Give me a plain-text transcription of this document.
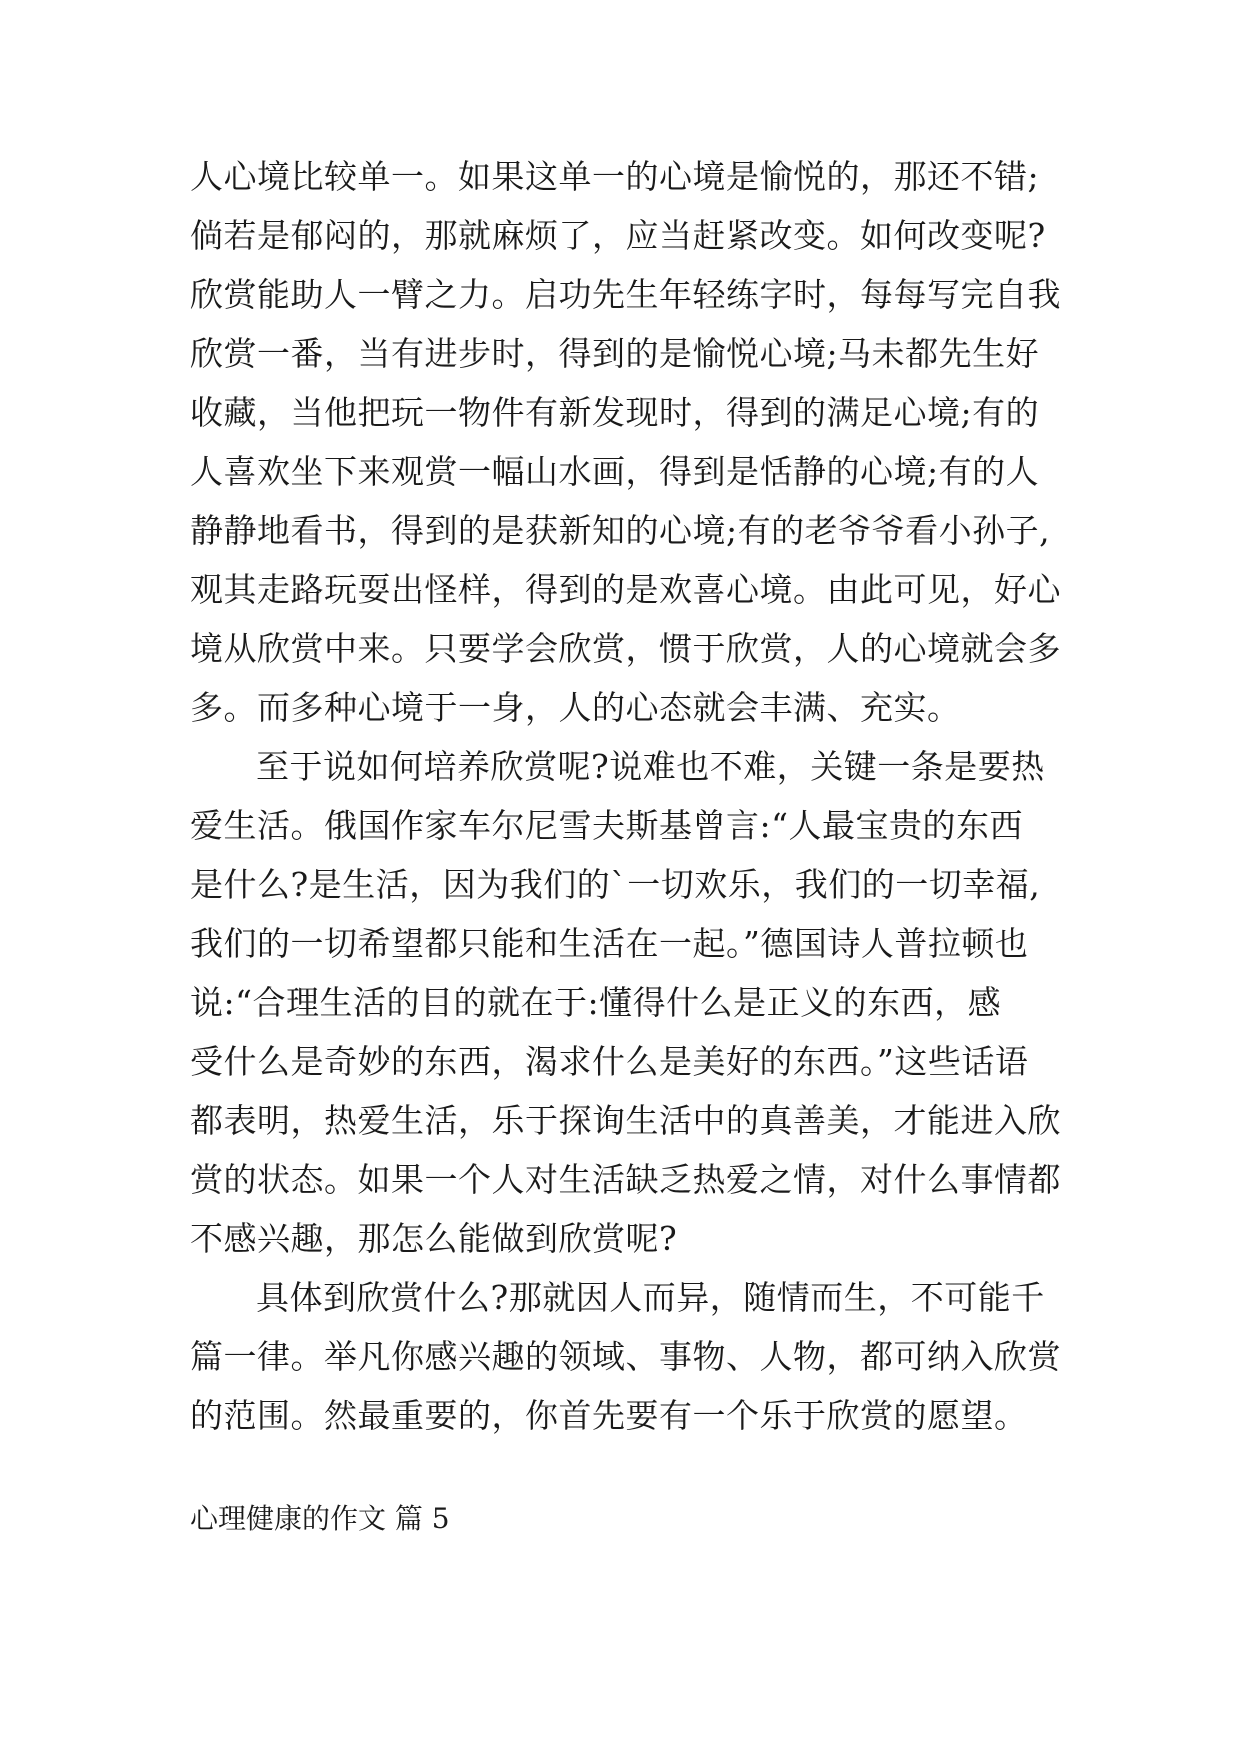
人心境比较单一。如果这单一的心境是愉悦的，那还不错;
倘若是郁闷的，那就麻烦了，应当赶紧改变。如何改变呢?
欣赏能助人一臂之力。启功先生年轻练字时，每每写完自我
欣赏一番，当有进步时，得到的是愉悦心境;马未都先生好
收藏，当他把玩一物件有新发现时，得到的满足心境;有的
人喜欢坐下来观赏一幅山水画，得到是恬静的心境;有的人
静静地看书，得到的是获新知的心境;有的老爷爷看小孙子,
观其走路玩耍出怪样，得到的是欢喜心境。由此可见，好心
境从欣赏中来。只要学会欣赏，惯于欣赏，人的心境就会多
多。而多种心境于一身，人的心态就会丰满、充实。
至于说如何培养欣赏呢?说难也不难，关键一条是要热
爱生活。俄国作家车尔尼雪夫斯基曾言:“人最宝贵的东西
是什么?是生活，因为我们的`一切欢乐，我们的一切幸福,
我们的一切希望都只能和生活在一起。”德国诗人普拉顿也
说:“合理生活的目的就在于:懂得什么是正义的东西，感
受什么是奇妙的东西，渴求什么是美好的东西。”这些话语
都表明，热爱生活，乐于探询生活中的真善美，才能进入欣
赏的状态。如果一个人对生活缺乏热爱之情，对什么事情都
不感兴趣，那怎么能做到欣赏呢?
具体到欣赏什么?那就因人而异，随情而生，不可能千
篇一律。举凡你感兴趣的领域、事物、人物，都可纳入欣赏
的范围。然最重要的，你首先要有一个乐于欣赏的愿望。
心理健康的作文 篇 5
